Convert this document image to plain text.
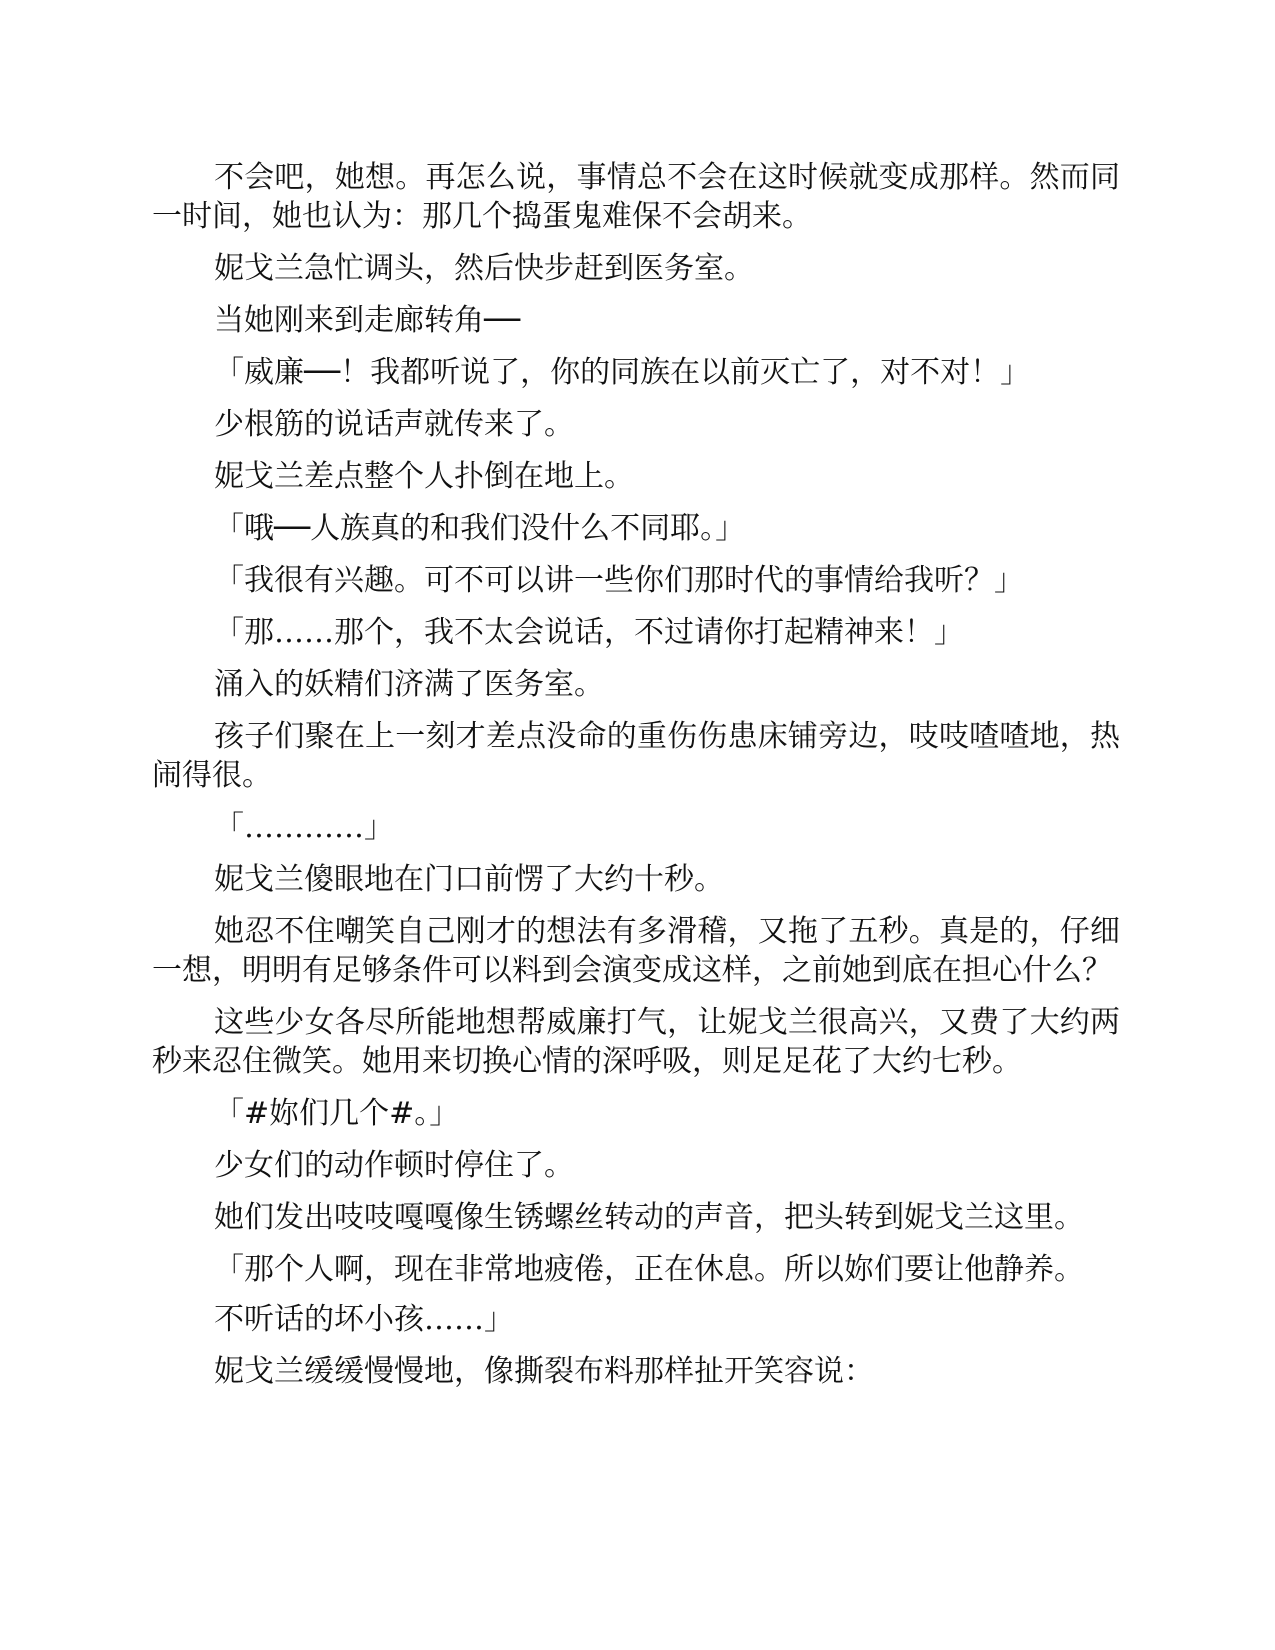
不会吧，她想。再怎么说，事情总不会在这时候就变成那样。然而同一时间，她也认为：那几个捣蛋鬼难保不会胡来。

妮戈兰急忙调头，然后快步赶到医务室。

当她刚来到走廊转角──

「威廉──！我都听说了，你的同族在以前灭亡了，对不对！」

少根筋的说话声就传来了。

妮戈兰差点整个人扑倒在地上。

「哦──人族真的和我们没什么不同耶。」

「我很有兴趣。可不可以讲一些你们那时代的事情给我听？」

「那……那个，我不太会说话，不过请你打起精神来！」

涌入的妖精们济满了医务室。

孩子们聚在上一刻才差点没命的重伤伤患床铺旁边，吱吱喳喳地，热闹得很。

「…………」

妮戈兰傻眼地在门口前愣了大约十秒。

她忍不住嘲笑自己刚才的想法有多滑稽，又拖了五秒。真是的，仔细一想，明明有足够条件可以料到会演变成这样，之前她到底在担心什么？

这些少女各尽所能地想帮威廉打气，让妮戈兰很高兴，又费了大约两秒来忍住微笑。她用来切换心情的深呼吸，则足足花了大约七秒。

「#妳们几个#。」

少女们的动作顿时停住了。

她们发出吱吱嘎嘎像生锈螺丝转动的声音，把头转到妮戈兰这里。

「那个人啊，现在非常地疲倦，正在休息。所以妳们要让他静养。

不听话的坏小孩……」

妮戈兰缓缓慢慢地，像撕裂布料那样扯开笑容说：
